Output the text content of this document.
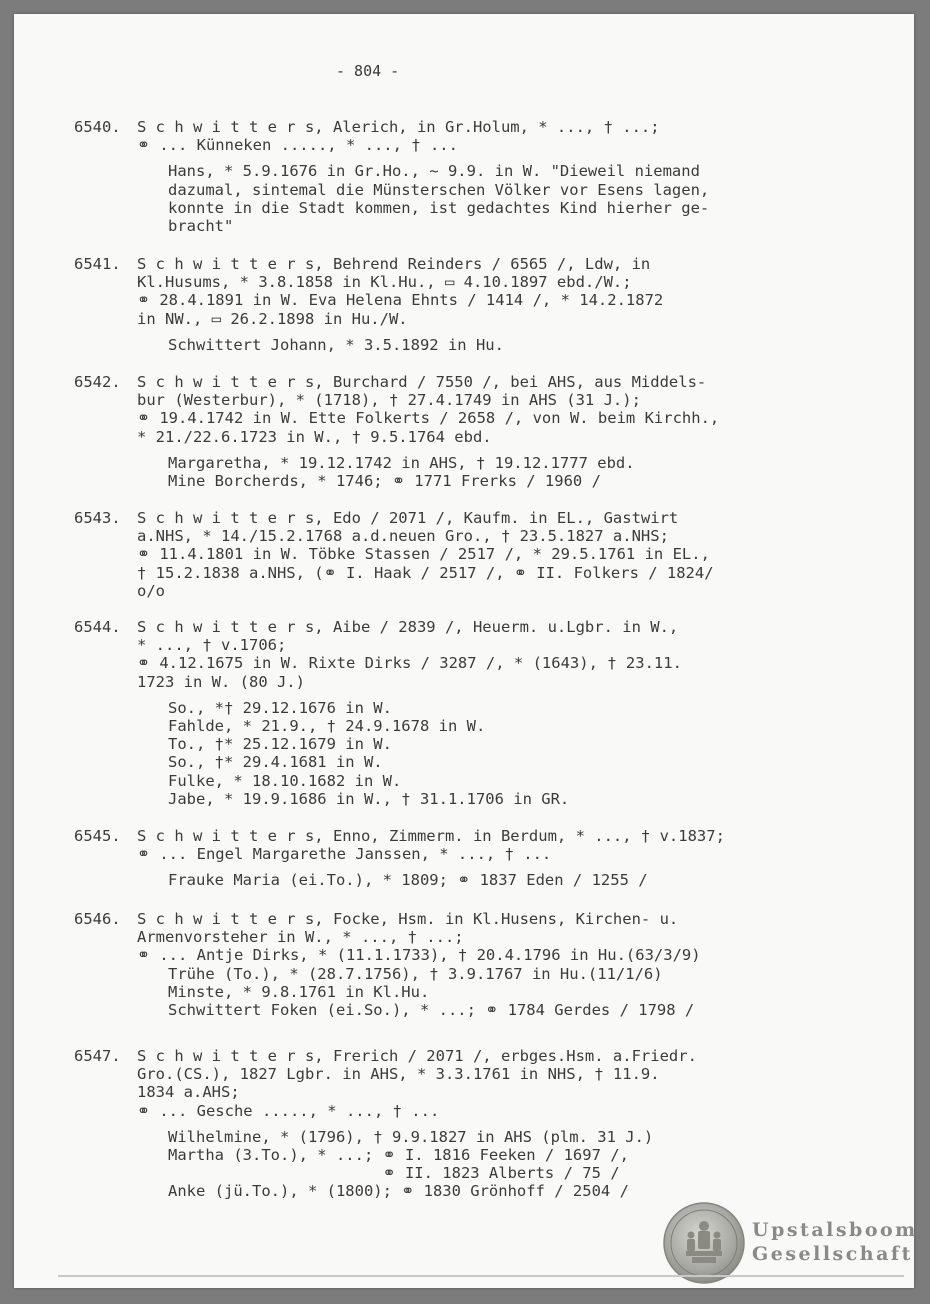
- 804 -
6540. S c h w i t t e r s, Alerich, in Gr.Holum, * ..., † ...;
⚭ ... Künneken ....., * ..., † ...
Hans, * 5.9.1676 in Gr.Ho., ~ 9.9. in W. "Dieweil niemand
dazumal, sintemal die Münsterschen Völker vor Esens lagen,
konnte in die Stadt kommen, ist gedachtes Kind hierher ge-
bracht"
6541. S c h w i t t e r s, Behrend Reinders / 6565 /, Ldw, in
Kl.Husums, * 3.8.1858 in Kl.Hu., ▭ 4.10.1897 ebd./W.;
⚭ 28.4.1891 in W. Eva Helena Ehnts / 1414 /, * 14.2.1872
in NW., ▭ 26.2.1898 in Hu./W.
Schwittert Johann, * 3.5.1892 in Hu.
6542. S c h w i t t e r s, Burchard / 7550 /, bei AHS, aus Middels-
bur (Westerbur), * (1718), † 27.4.1749 in AHS (31 J.);
⚭ 19.4.1742 in W. Ette Folkerts / 2658 /, von W. beim Kirchh.,
* 21./22.6.1723 in W., † 9.5.1764 ebd.
Margaretha, * 19.12.1742 in AHS, † 19.12.1777 ebd.
Mine Borcherds, * 1746; ⚭ 1771 Frerks / 1960 /
6543. S c h w i t t e r s, Edo / 2071 /, Kaufm. in EL., Gastwirt
a.NHS, * 14./15.2.1768 a.d.neuen Gro., † 23.5.1827 a.NHS;
⚭ 11.4.1801 in W. Töbke Stassen / 2517 /, * 29.5.1761 in EL.,
† 15.2.1838 a.NHS, (⚭ I. Haak / 2517 /, ⚭ II. Folkers / 1824/
o/o
6544. S c h w i t t e r s, Aibe / 2839 /, Heuerm. u.Lgbr. in W.,
* ..., † v.1706;
⚭ 4.12.1675 in W. Rixte Dirks / 3287 /, * (1643), † 23.11.
1723 in W. (80 J.)
So., *† 29.12.1676 in W.
Fahlde, * 21.9., † 24.9.1678 in W.
To., †* 25.12.1679 in W.
So., †* 29.4.1681 in W.
Fulke, * 18.10.1682 in W.
Jabe, * 19.9.1686 in W., † 31.1.1706 in GR.
6545. S c h w i t t e r s, Enno, Zimmerm. in Berdum, * ..., † v.1837;
⚭ ... Engel Margarethe Janssen, * ..., † ...
Frauke Maria (ei.To.), * 1809; ⚭ 1837 Eden / 1255 /
6546. S c h w i t t e r s, Focke, Hsm. in Kl.Husens, Kirchen- u.
Armenvorsteher in W., * ..., † ...;
⚭ ... Antje Dirks, * (11.1.1733), † 20.4.1796 in Hu.(63/3/9)
Trühe (To.), * (28.7.1756), † 3.9.1767 in Hu.(11/1/6)
Minste, * 9.8.1761 in Kl.Hu.
Schwittert Foken (ei.So.), * ...; ⚭ 1784 Gerdes / 1798 /
6547. S c h w i t t e r s, Frerich / 2071 /, erbges.Hsm. a.Friedr.
Gro.(CS.), 1827 Lgbr. in AHS, * 3.3.1761 in NHS, † 11.9.
1834 a.AHS;
⚭ ... Gesche ....., * ..., † ...
Wilhelmine, * (1796), † 9.9.1827 in AHS (plm. 31 J.)
Martha (3.To.), * ...; ⚭ I. 1816 Feeken / 1697 /,
⚭ II. 1823 Alberts / 75 /
Anke (jü.To.), * (1800); ⚭ 1830 Grönhoff / 2504 /
Upstalsboom
Gesellschaft
